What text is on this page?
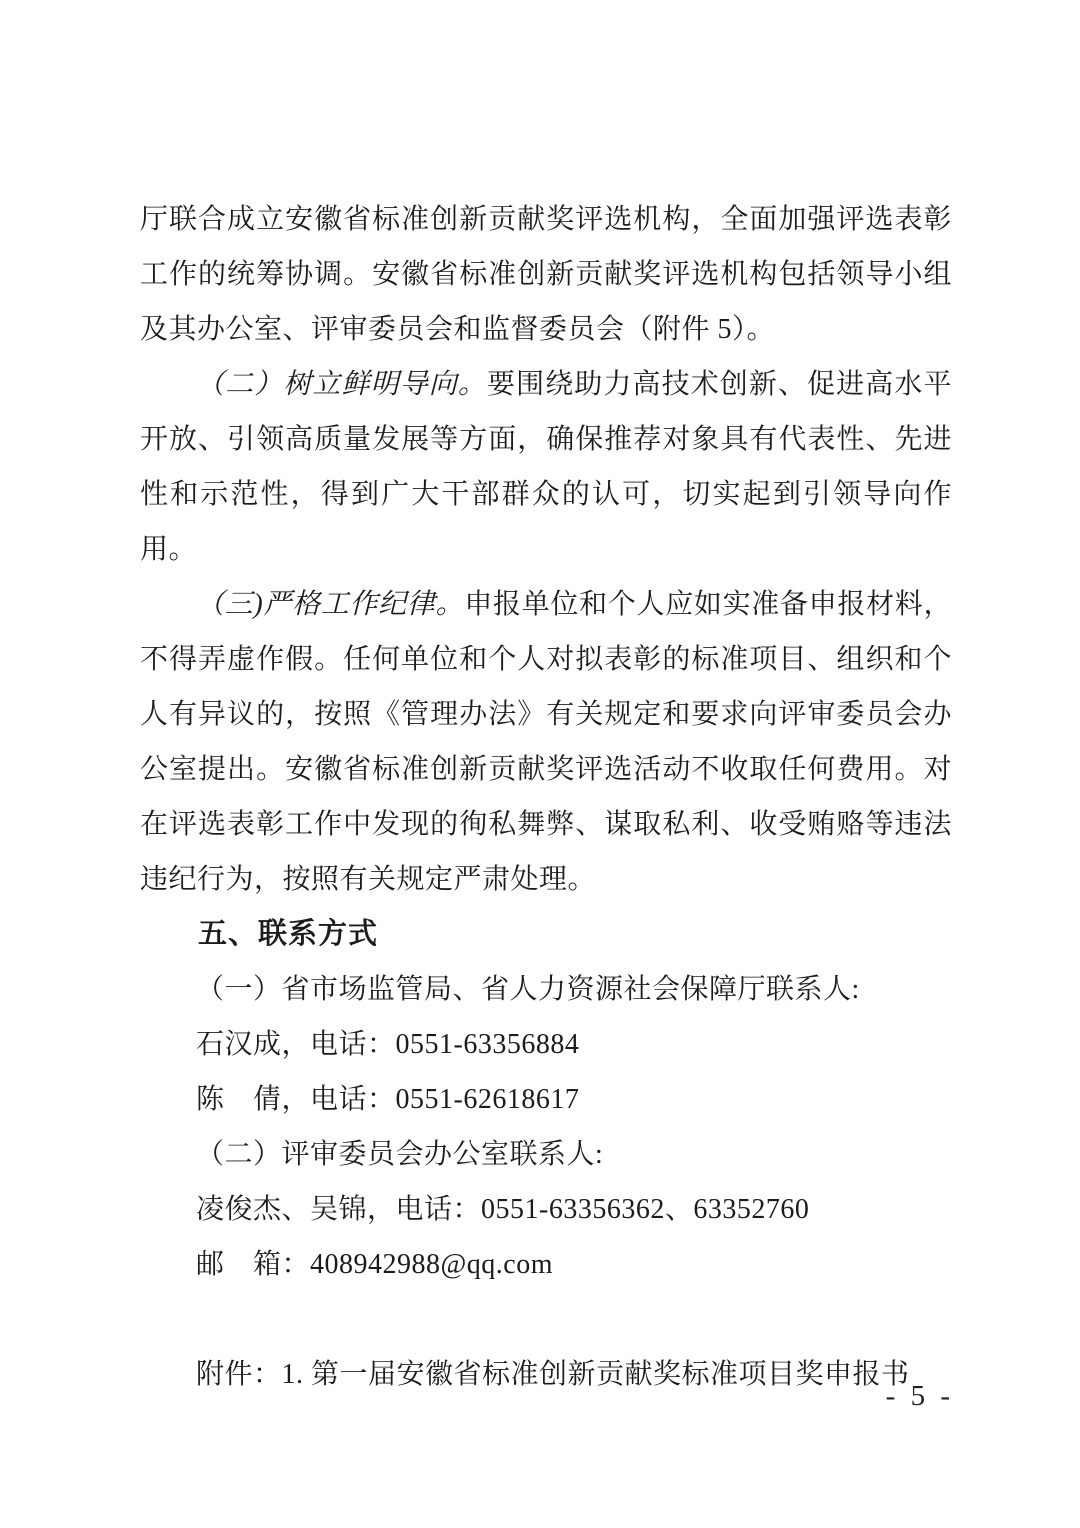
厅联合成立安徽省标准创新贡献奖评选机构，全面加强评选表彰工作的统筹协调。安徽省标准创新贡献奖评选机构包括领导小组及其办公室、评审委员会和监督委员会（附件 5）。

（二）树立鲜明导向。要围绕助力高技术创新、促进高水平开放、引领高质量发展等方面，确保推荐对象具有代表性、先进性和示范性，得到广大干部群众的认可，切实起到引领导向作用。

（三)严格工作纪律。申报单位和个人应如实准备申报材料，不得弄虚作假。任何单位和个人对拟表彰的标准项目、组织和个人有异议的，按照《管理办法》有关规定和要求向评审委员会办公室提出。安徽省标准创新贡献奖评选活动不收取任何费用。对在评选表彰工作中发现的徇私舞弊、谋取私利、收受贿赂等违法违纪行为，按照有关规定严肃处理。

五、联系方式

（一）省市场监管局、省人力资源社会保障厅联系人:

石汉成，电话：0551-63356884

陈　倩，电话：0551-62618617

（二）评审委员会办公室联系人:

凌俊杰、吴锦，电话：0551-63356362、63352760

邮　箱：408942988@qq.com

附件：1. 第一届安徽省标准创新贡献奖标准项目奖申报书

- 5 -
